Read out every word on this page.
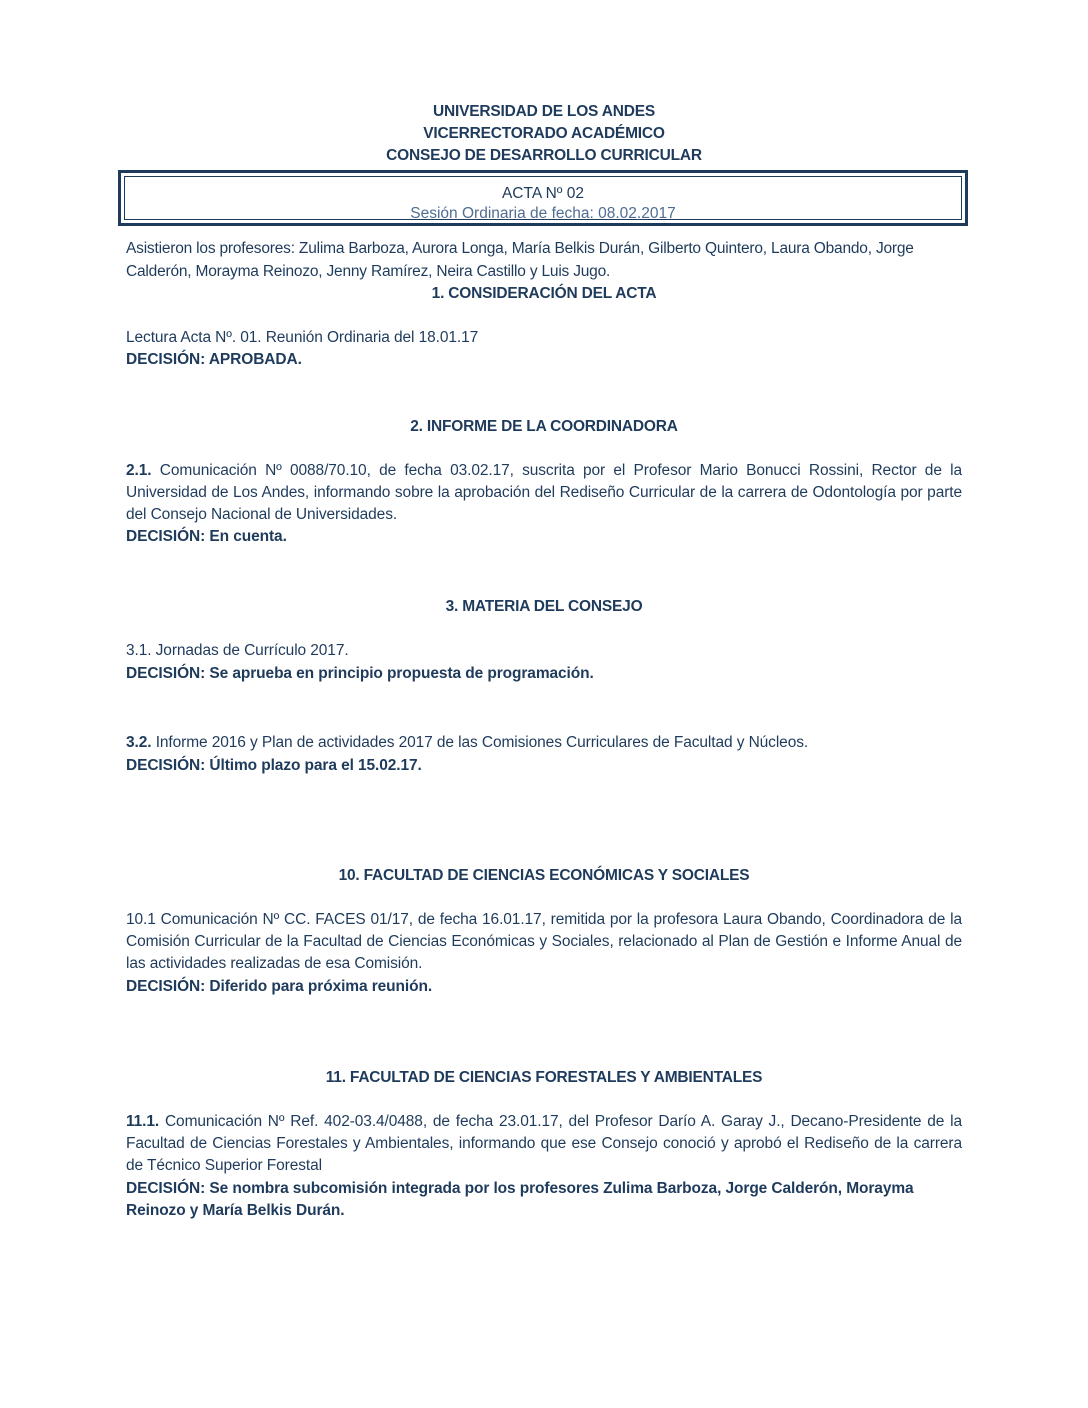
UNIVERSIDAD DE LOS ANDES
VICERRECTORADO ACADÉMICO
CONSEJO DE DESARROLLO CURRICULAR
ACTA Nº 02
Sesión Ordinaria de fecha: 08.02.2017
Asistieron los profesores: Zulima Barboza, Aurora Longa, María Belkis Durán, Gilberto Quintero, Laura Obando, Jorge Calderón, Morayma Reinozo, Jenny Ramírez, Neira Castillo y Luis Jugo.
1. CONSIDERACIÓN DEL ACTA
Lectura Acta Nº. 01. Reunión Ordinaria del 18.01.17
DECISIÓN: APROBADA.
2. INFORME DE LA COORDINADORA
2.1. Comunicación Nº 0088/70.10, de fecha 03.02.17, suscrita por el Profesor Mario Bonucci Rossini, Rector de la Universidad de Los Andes, informando sobre la aprobación del Rediseño Curricular de la carrera de Odontología por parte del Consejo Nacional de Universidades.
DECISIÓN: En cuenta.
3. MATERIA DEL CONSEJO
3.1. Jornadas de Currículo 2017.
DECISIÓN: Se aprueba en principio propuesta de programación.
3.2. Informe 2016 y Plan de actividades 2017 de las Comisiones Curriculares de Facultad y Núcleos.
DECISIÓN: Último plazo para el 15.02.17.
10. FACULTAD DE CIENCIAS ECONÓMICAS Y SOCIALES
10.1 Comunicación Nº CC. FACES 01/17, de fecha 16.01.17, remitida por la profesora Laura Obando, Coordinadora de la Comisión Curricular de la Facultad de Ciencias Económicas y Sociales, relacionado al Plan de Gestión e Informe Anual de las actividades realizadas de esa Comisión.
DECISIÓN: Diferido para próxima reunión.
11. FACULTAD DE CIENCIAS FORESTALES Y AMBIENTALES
11.1. Comunicación Nº Ref. 402-03.4/0488, de fecha 23.01.17, del Profesor Darío A. Garay J., Decano-Presidente de la Facultad de Ciencias Forestales y Ambientales, informando que ese Consejo conoció y aprobó el Rediseño de la carrera de Técnico Superior Forestal
DECISIÓN: Se nombra subcomisión integrada por los profesores Zulima Barboza, Jorge Calderón, Morayma Reinozo y María Belkis Durán.
